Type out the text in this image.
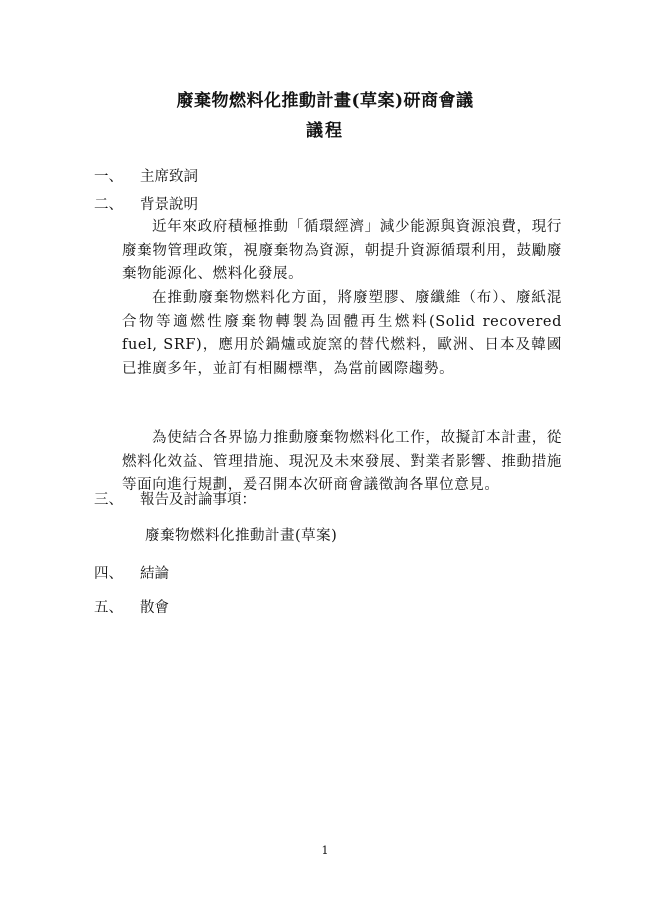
廢棄物燃料化推動計畫(草案)研商會議
議程
一、 主席致詞
二、 背景說明
近年來政府積極推動「循環經濟」減少能源與資源浪費，現行廢棄物管理政策，視廢棄物為資源，朝提升資源循環利用，鼓勵廢棄物能源化、燃料化發展。
在推動廢棄物燃料化方面，將廢塑膠、廢纖維（布）、廢紙混合物等適燃性廢棄物轉製為固體再生燃料(Solid recovered fuel, SRF)，應用於鍋爐或旋窯的替代燃料，歐洲、日本及韓國已推廣多年，並訂有相關標準，為當前國際趨勢。
為使結合各界協力推動廢棄物燃料化工作，故擬訂本計畫，從燃料化效益、管理措施、現況及未來發展、對業者影響、推動措施等面向進行規劃，爰召開本次研商會議徵詢各單位意見。
三、 報告及討論事項：
廢棄物燃料化推動計畫(草案)
四、 結論
五、 散會
1
